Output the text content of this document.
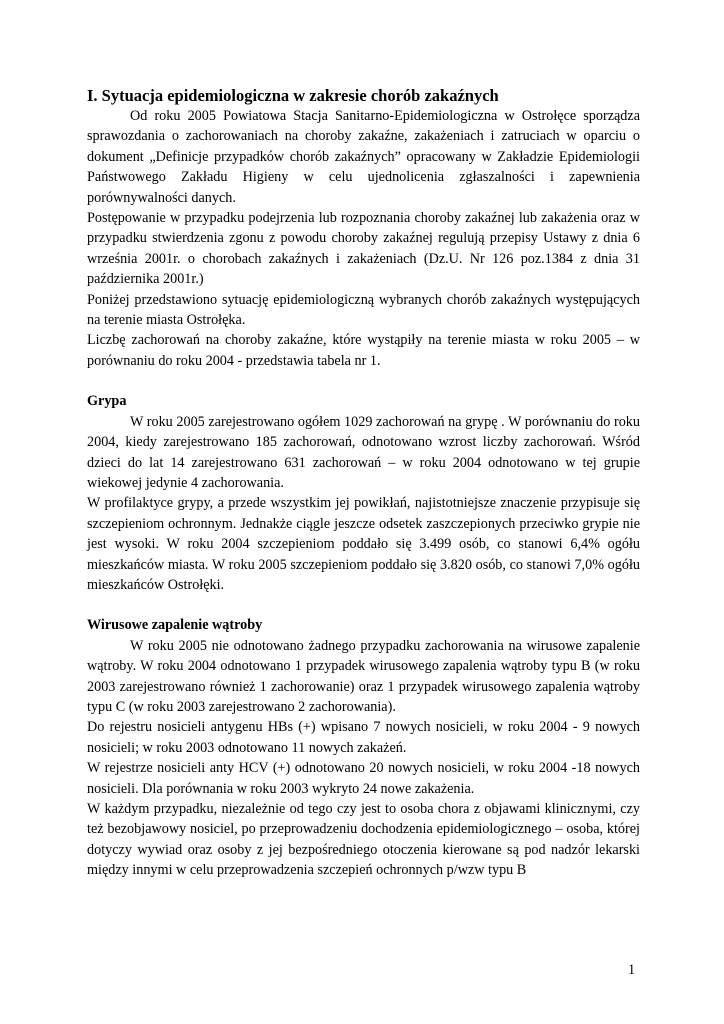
I. Sytuacja epidemiologiczna w zakresie chorób zakaźnych

Od roku 2005 Powiatowa Stacja Sanitarno-Epidemiologiczna w Ostrołęce sporządza sprawozdania o zachorowaniach na choroby zakaźne, zakażeniach i zatruciach w oparciu o dokument „Definicje przypadków chorób zakaźnych” opracowany w Zakładzie Epidemiologii Państwowego Zakładu Higieny w celu ujednolicenia zgłaszalności i zapewnienia porównywalności danych.

Postępowanie w przypadku podejrzenia lub rozpoznania choroby zakaźnej lub zakażenia oraz w przypadku stwierdzenia zgonu z powodu choroby zakaźnej regulują przepisy Ustawy z dnia 6 września 2001r. o chorobach zakaźnych i zakażeniach (Dz.U. Nr 126 poz.1384 z dnia 31 października 2001r.)

Poniżej przedstawiono sytuację epidemiologiczną wybranych chorób zakaźnych występujących na terenie miasta Ostrołęka.

Liczbę zachorowań na choroby zakaźne, które wystąpiły na terenie miasta w roku 2005 – w porównaniu do roku 2004 - przedstawia tabela nr 1.

Grypa

W roku 2005 zarejestrowano ogółem 1029 zachorowań na grypę . W porównaniu do roku 2004, kiedy zarejestrowano 185 zachorowań, odnotowano wzrost liczby zachorowań. Wśród dzieci do lat 14 zarejestrowano 631 zachorowań – w roku 2004 odnotowano w tej grupie wiekowej jedynie 4 zachorowania.

W profilaktyce grypy, a przede wszystkim jej powikłań, najistotniejsze znaczenie przypisuje się szczepieniom ochronnym. Jednakże ciągle jeszcze odsetek zaszczepionych przeciwko grypie nie jest wysoki. W roku 2004 szczepieniom poddało się 3.499 osób, co stanowi 6,4% ogółu mieszkańców miasta. W roku 2005 szczepieniom poddało się 3.820 osób, co stanowi 7,0% ogółu mieszkańców Ostrołęki.

Wirusowe zapalenie wątroby

W roku 2005 nie odnotowano żadnego przypadku zachorowania na wirusowe zapalenie wątroby. W roku 2004 odnotowano 1 przypadek wirusowego zapalenia wątroby typu B (w roku 2003 zarejestrowano również 1 zachorowanie) oraz 1 przypadek wirusowego zapalenia wątroby typu C (w roku 2003 zarejestrowano 2 zachorowania).

Do rejestru nosicieli antygenu HBs (+) wpisano 7 nowych nosicieli, w roku 2004 - 9 nowych nosicieli; w roku 2003 odnotowano 11 nowych zakażeń.

W rejestrze nosicieli anty HCV (+) odnotowano 20 nowych nosicieli, w roku 2004 -18 nowych nosicieli. Dla porównania w roku 2003 wykryto 24 nowe zakażenia.

W każdym przypadku, niezależnie od tego czy jest to osoba chora z objawami klinicznymi, czy też bezobjawowy nosiciel, po przeprowadzeniu dochodzenia epidemiologicznego – osoba, której dotyczy wywiad oraz osoby z jej bezpośredniego otoczenia kierowane są pod nadzór lekarski między innymi w celu przeprowadzenia szczepień ochronnych p/wzw typu B

1
